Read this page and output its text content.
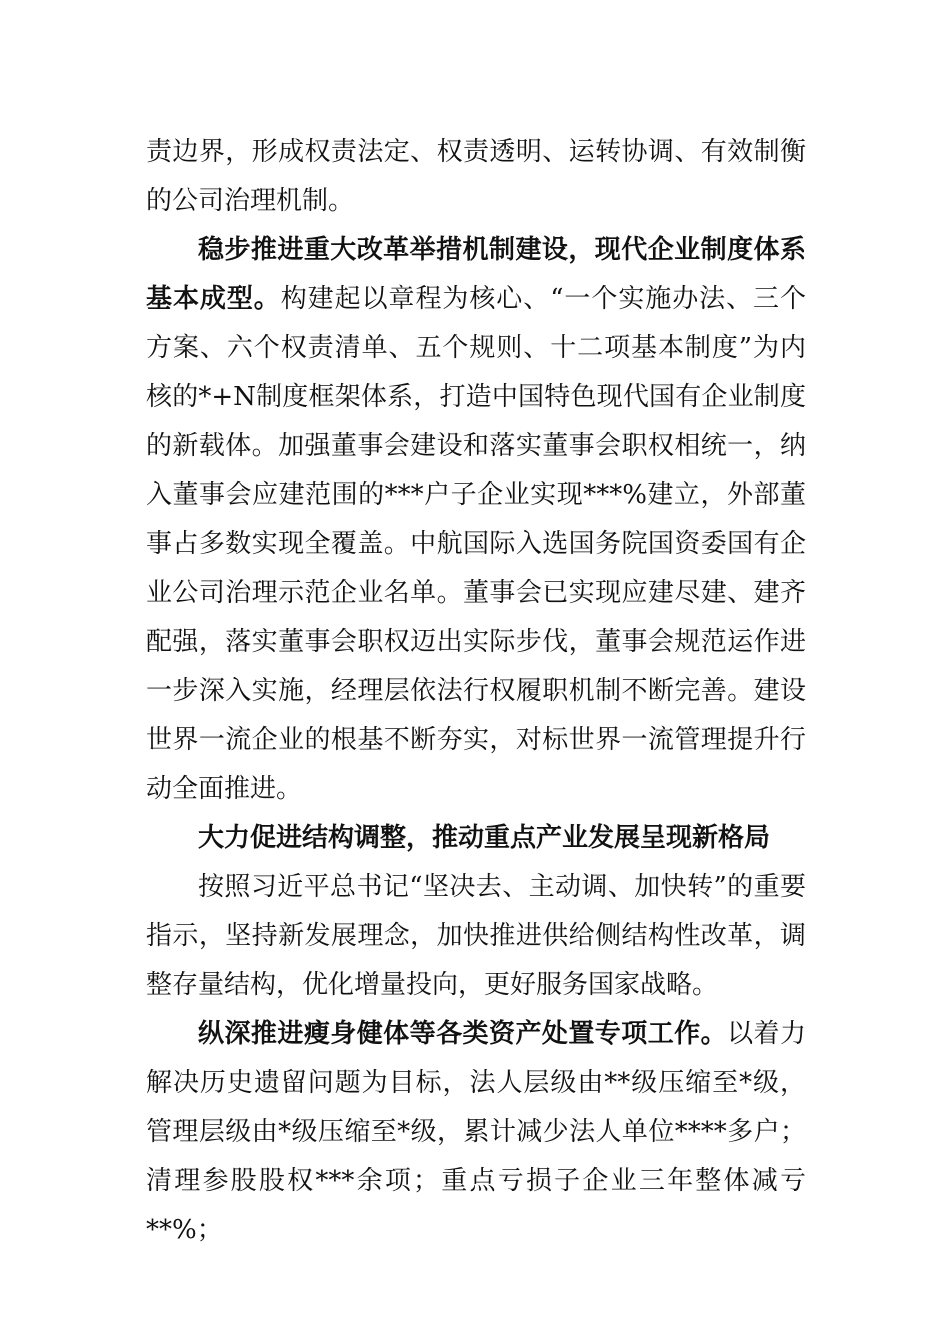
责边界，形成权责法定、权责透明、运转协调、有效制衡的公司治理机制。

稳步推进重大改革举措机制建设，现代企业制度体系基本成型。构建起以章程为核心、“一个实施办法、三个方案、六个权责清单、五个规则、十二项基本制度”为内核的*+N制度框架体系，打造中国特色现代国有企业制度的新载体。加强董事会建设和落实董事会职权相统一，纳入董事会应建范围的***户子企业实现***%建立，外部董事占多数实现全覆盖。中航国际入选国务院国资委国有企业公司治理示范企业名单。董事会已实现应建尽建、建齐配强，落实董事会职权迈出实际步伐，董事会规范运作进一步深入实施，经理层依法行权履职机制不断完善。建设世界一流企业的根基不断夯实，对标世界一流管理提升行动全面推进。

大力促进结构调整，推动重点产业发展呈现新格局

按照习近平总书记“坚决去、主动调、加快转”的重要指示，坚持新发展理念，加快推进供给侧结构性改革，调整存量结构，优化增量投向，更好服务国家战略。

纵深推进瘦身健体等各类资产处置专项工作。以着力解决历史遗留问题为目标，法人层级由**级压缩至*级，管理层级由*级压缩至*级，累计减少法人单位****多户；清理参股股权***余项；重点亏损子企业三年整体减亏**%；
